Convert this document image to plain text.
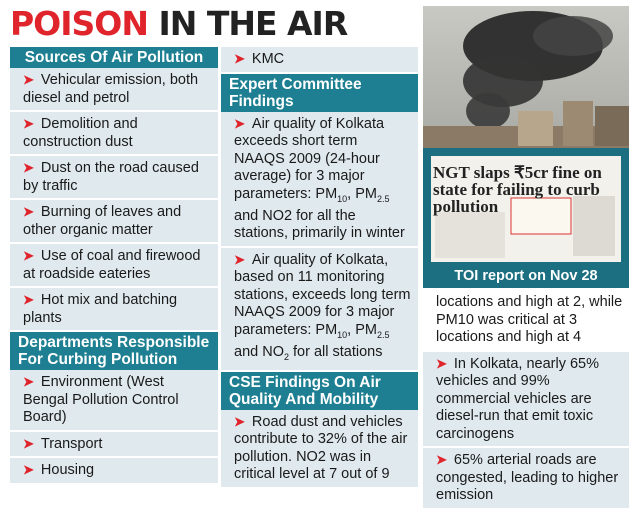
POISON IN THE AIR
Sources Of Air Pollution
➤ Vehicular emission, both diesel and petrol
➤ Demolition and construction dust
➤ Dust on the road caused by traffic
➤ Burning of leaves and other organic matter
➤ Use of coal and firewood at roadside eateries
➤ Hot mix and batching plants
Departments Responsible For Curbing Pollution
➤ Environment (West Bengal Pollution Control Board)
➤ Transport
➤ Housing
➤ KMC
Expert Committee Findings
➤ Air quality of Kolkata exceeds short term NAAQS 2009 (24-hour average) for 3 major parameters: $PM_{10}$, $PM_{2.5}$ and NO2 for all the stations, primarily in winter
➤ Air quality of Kolkata, based on 11 monitoring stations, exceeds long term NAAQS 2009 for 3 major parameters: $PM_{10}$, $PM_{2.5}$ and $NO_2$ for all stations
CSE Findings On Air Quality And Mobility
➤ Road dust and vehicles contribute to 32% of the air pollution. NO2 was in critical level at 7 out of 9
NGT slaps ₹5cr fine on state for failing to curb pollution
TOI report on Nov 28
locations and high at 2, while PM10 was critical at 3 locations and high at 4
➤ In Kolkata, nearly 65% vehicles and 99% commercial vehicles are diesel-run that emit toxic carcinogens
➤ 65% arterial roads are congested, leading to higher emission
